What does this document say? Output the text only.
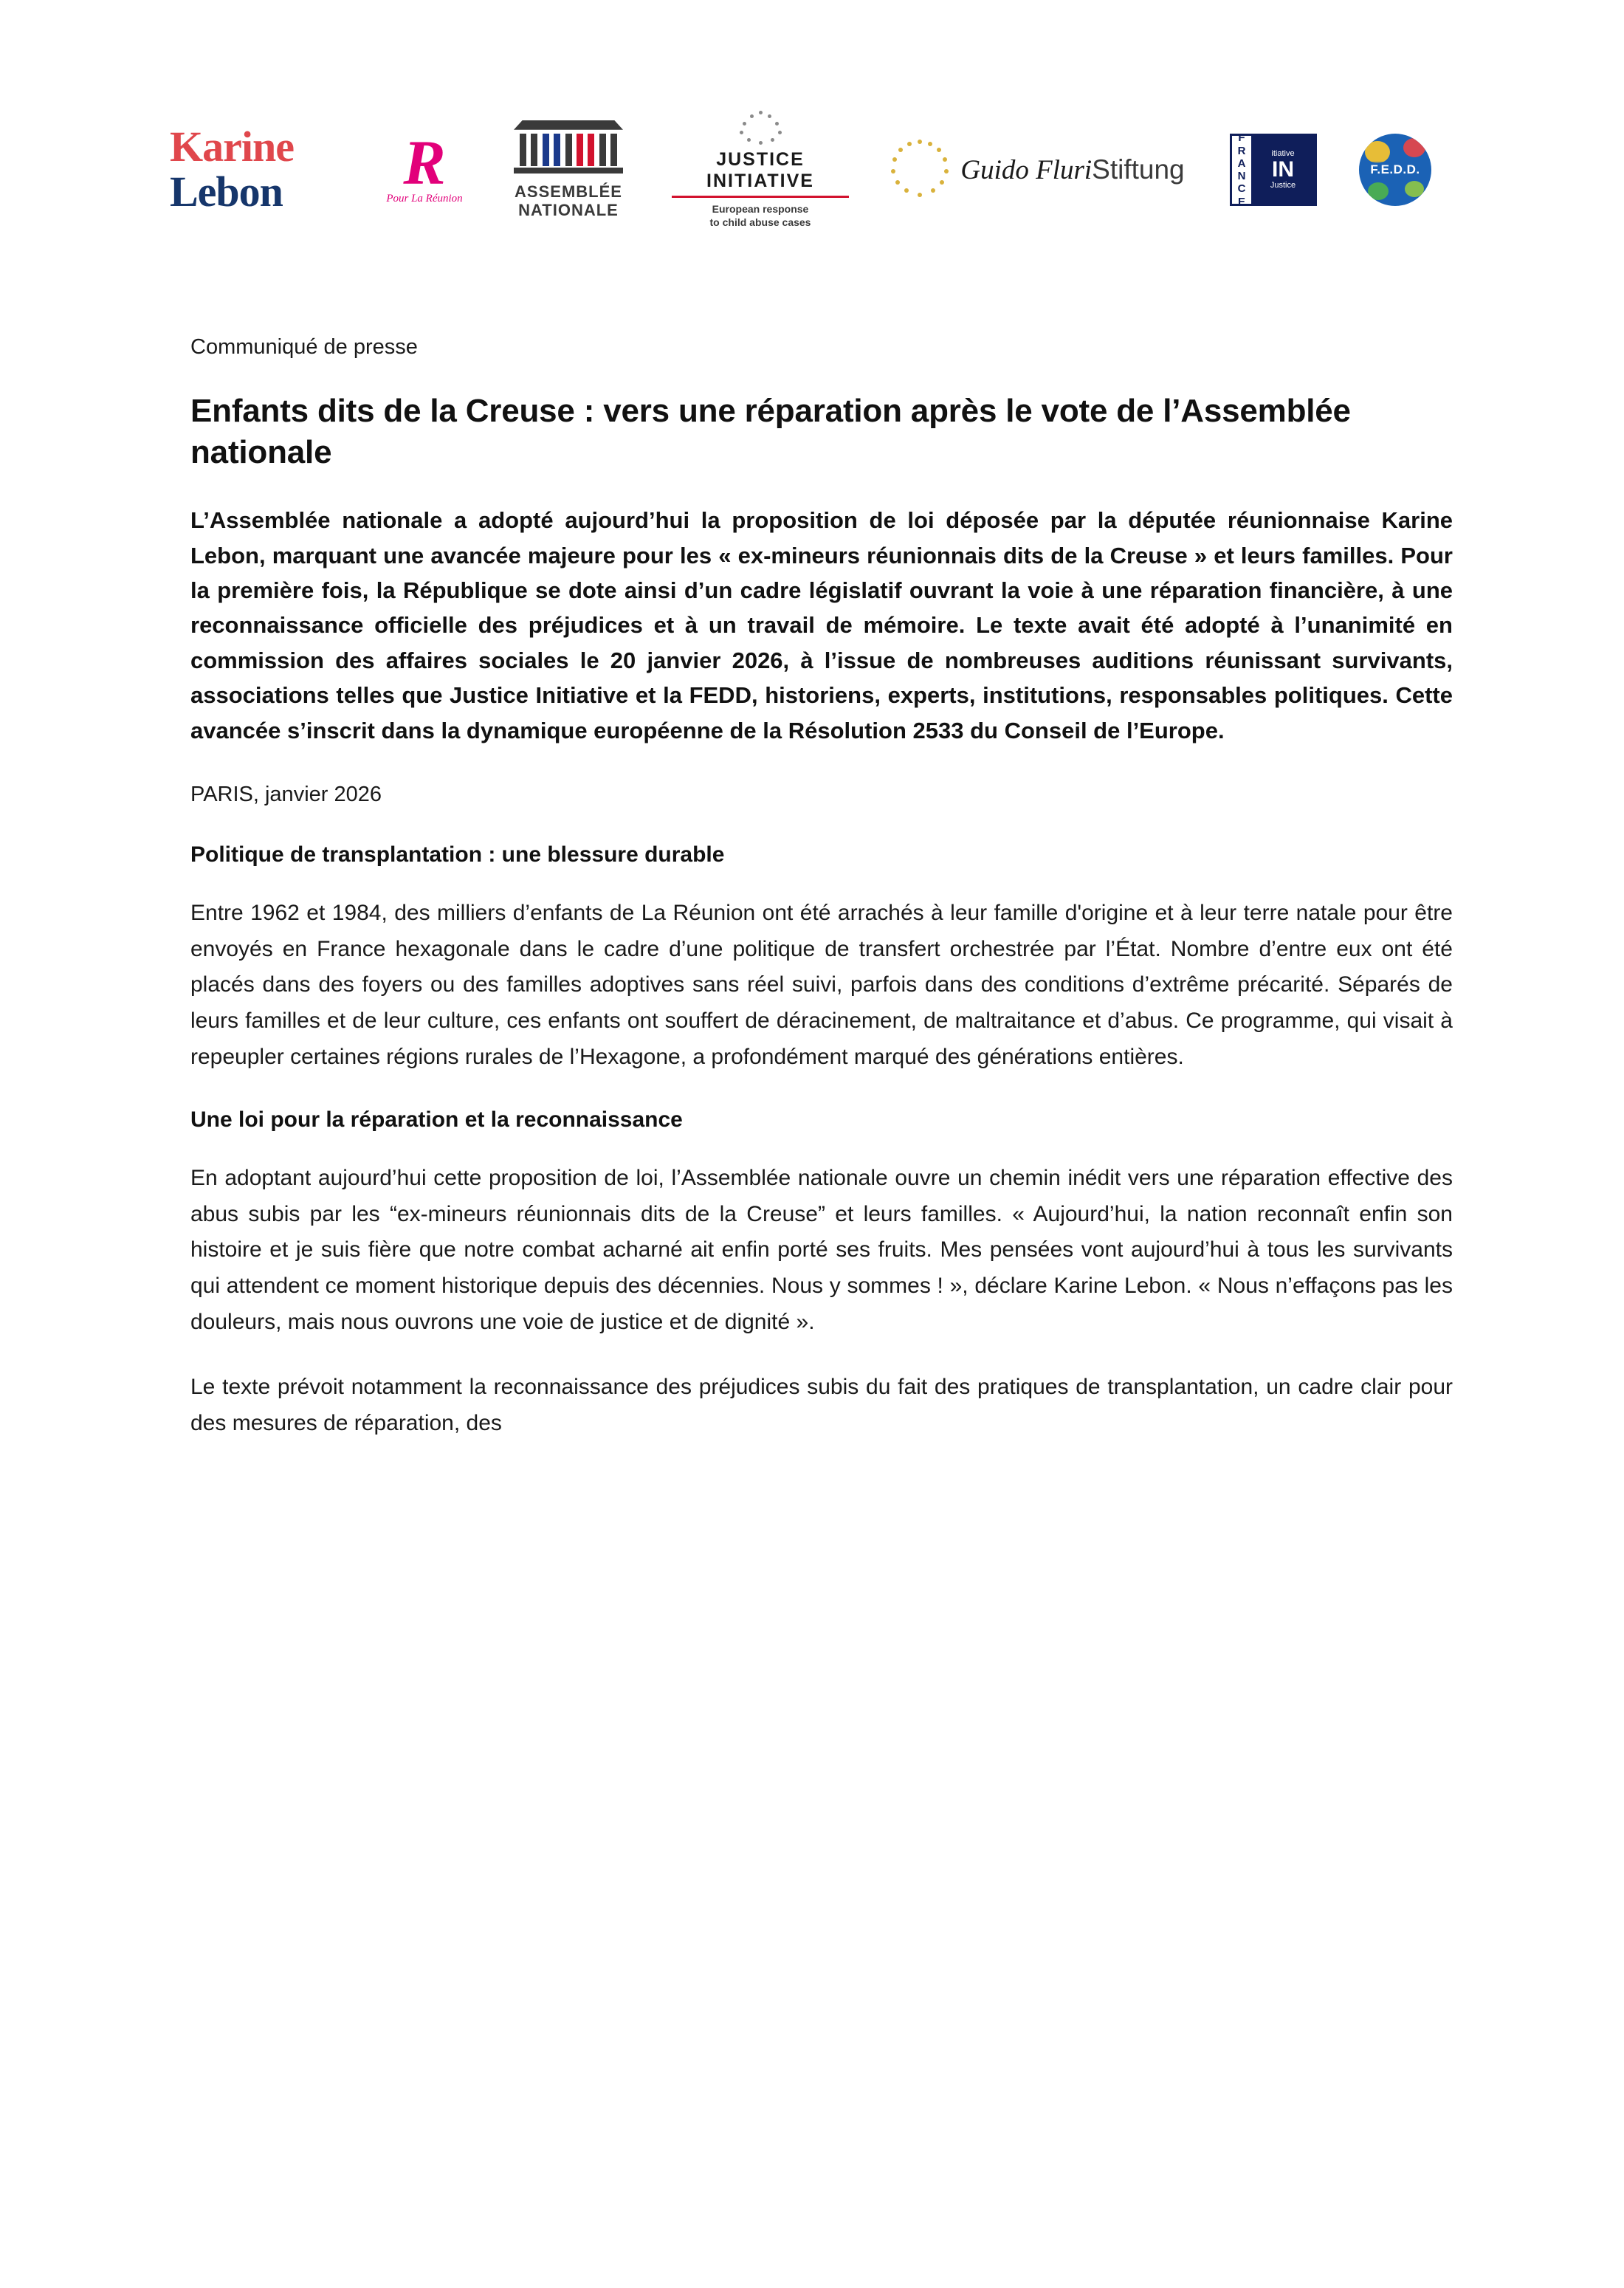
Karine
Lebon R
Pour La Réunion	ASSEMBLÉE
NATIONALE
JUSTICE
INITIATIVE
European response
to child abuse cases
Guido FluriStiftung
F
R
A
N
C
E
itiative
IN
Justice
F.E.D.D.

Communiqué de presse

Enfants dits de la Creuse : vers une réparation après le vote de l’Assemblée nationale

L’Assemblée nationale a adopté aujourd’hui la proposition de loi déposée par la députée réunionnaise Karine Lebon, marquant une avancée majeure pour les « ex-mineurs réunionnais dits de la Creuse » et leurs familles. Pour la première fois, la République se dote ainsi d’un cadre législatif ouvrant la voie à une réparation financière, à une reconnaissance officielle des préjudices et à un travail de mémoire. Le texte avait été adopté à l’unanimité en commission des affaires sociales le 20 janvier 2026, à l’issue de nombreuses auditions réunissant survivants, associations telles que Justice Initiative et la FEDD, historiens, experts, institutions, responsables politiques. Cette avancée s’inscrit dans la dynamique européenne de la Résolution 2533 du Conseil de l’Europe.

PARIS, janvier 2026

Politique de transplantation : une blessure durable

Entre 1962 et 1984, des milliers d’enfants de La Réunion ont été arrachés à leur famille d'origine et à leur terre natale pour être envoyés en France hexagonale dans le cadre d’une politique de transfert orchestrée par l’État. Nombre d’entre eux ont été placés dans des foyers ou des familles adoptives sans réel suivi, parfois dans des conditions d’extrême précarité. Séparés de leurs familles et de leur culture, ces enfants ont souffert de déracinement, de maltraitance et d’abus. Ce programme, qui visait à repeupler certaines régions rurales de l’Hexagone, a profondément marqué des générations entières.

Une loi pour la réparation et la reconnaissance

En adoptant aujourd’hui cette proposition de loi, l’Assemblée nationale ouvre un chemin inédit vers une réparation effective des abus subis par les “ex-mineurs réunionnais dits de la Creuse” et leurs familles. « Aujourd’hui, la nation reconnaît enfin son histoire et je suis fière que notre combat acharné ait enfin porté ses fruits. Mes pensées vont aujourd’hui à tous les survivants qui attendent ce moment historique depuis des décennies. Nous y sommes ! », déclare Karine Lebon. « Nous n’effaçons pas les douleurs, mais nous ouvrons une voie de justice et de dignité ».

Le texte prévoit notamment la reconnaissance des préjudices subis du fait des pratiques de transplantation, un cadre clair pour des mesures de réparation, des
